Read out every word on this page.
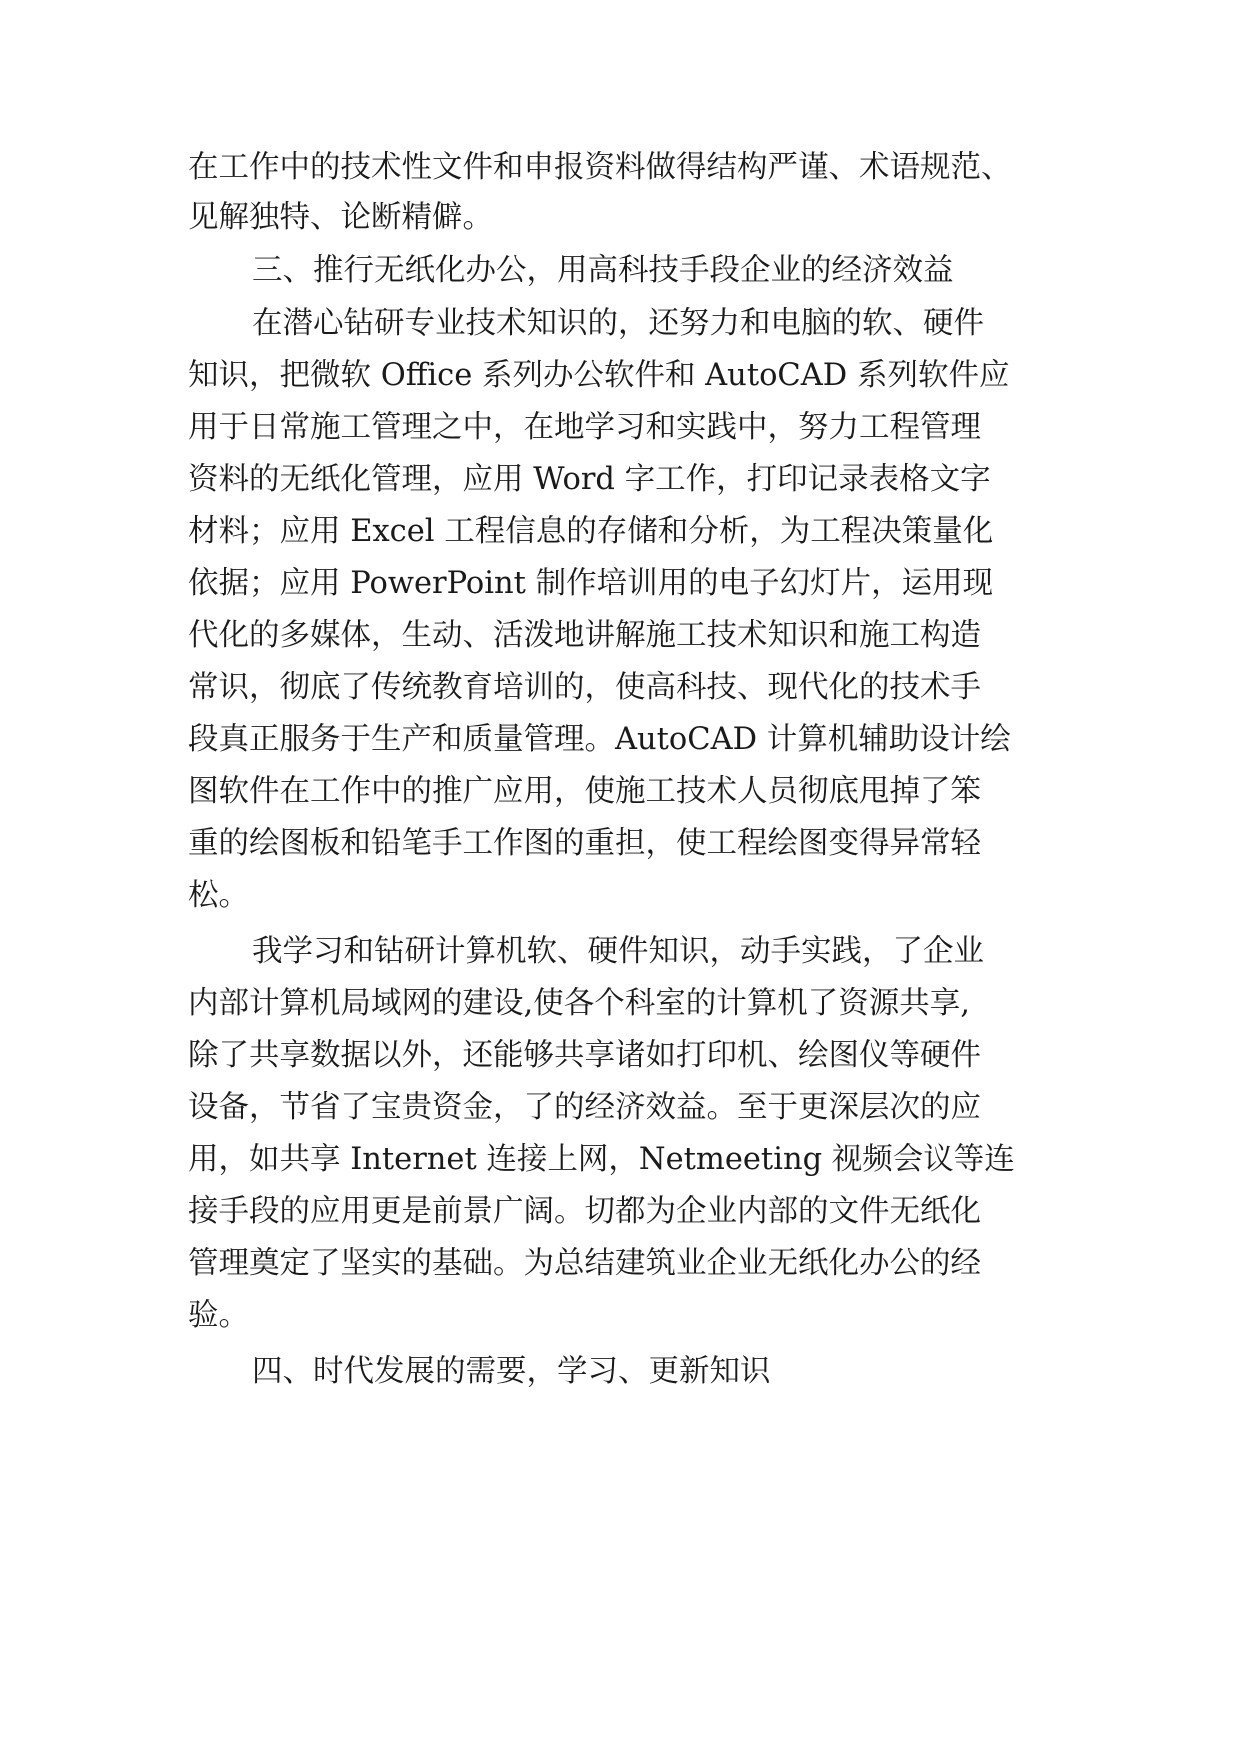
在工作中的技术性文件和申报资料做得结构严谨、术语规范、
见解独特、论断精僻。
三、推行无纸化办公，用高科技手段企业的经济效益
在潜心钻研专业技术知识的，还努力和电脑的软、硬件
知识，把微软 Office 系列办公软件和 AutoCAD 系列软件应
用于日常施工管理之中，在地学习和实践中，努力工程管理
资料的无纸化管理，应用 Word 字工作，打印记录表格文字
材料；应用 Excel 工程信息的存储和分析，为工程决策量化
依据；应用 PowerPoint 制作培训用的电子幻灯片，运用现
代化的多媒体，生动、活泼地讲解施工技术知识和施工构造
常识，彻底了传统教育培训的，使高科技、现代化的技术手
段真正服务于生产和质量管理。AutoCAD 计算机辅助设计绘
图软件在工作中的推广应用，使施工技术人员彻底甩掉了笨
重的绘图板和铅笔手工作图的重担，使工程绘图变得异常轻
松。
我学习和钻研计算机软、硬件知识，动手实践，了企业
内部计算机局域网的建设,使各个科室的计算机了资源共享,
除了共享数据以外，还能够共享诸如打印机、绘图仪等硬件
设备，节省了宝贵资金，了的经济效益。至于更深层次的应
用，如共享 Internet 连接上网，Netmeeting 视频会议等连
接手段的应用更是前景广阔。切都为企业内部的文件无纸化
管理奠定了坚实的基础。为总结建筑业企业无纸化办公的经
验。
四、时代发展的需要，学习、更新知识
